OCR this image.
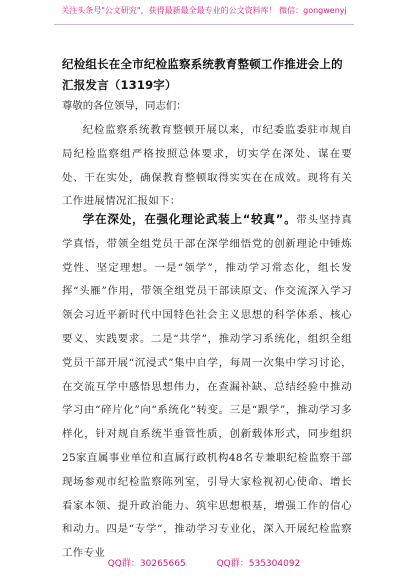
关注头条号"公文研究"，获得最新最全最专业的公文资料库！ 微信：gongwenyj
纪检组长在全市纪检监察系统教育整顿工作推进会上的汇报发言（1319字）
尊敬的各位领导，同志们：

纪检监察系统教育整顿开展以来，市纪委监委驻市规自局纪检监察组严格按照总体要求，切实学在深处、谋在要处、干在实处，确保教育整顿取得实实在在成效。现将有关工作进展情况汇报如下：

学在深处，在强化理论武装上“较真”。带头坚持真学真悟，带领全组党员干部在深学细悟党的创新理论中锤炼党性、坚定理想。一是“领学”，推动学习常态化，组长发挥“头雁”作用，带领全组党员干部读原文、作交流深入学习领会习近平新时代中国特色社会主义思想的科学体系、核心要义、实践要求。二是“共学”，推动学习系统化，组织全组党员干部开展“沉浸式”集中自学，每周一次集中学习讨论，在交流互学中感悟思想伟力，在查漏补缺、总结经验中推动学习由“碎片化”向“系统化”转变。三是“跟学”，推动学习多样化，针对规自系统半垂管性质，创新载体形式，同步组织25家直属事业单位和直属行政机构48名专兼职纪检监察干部现场参观市纪检监察陈列室，引导大家检视初心使命、增长看家本领、提升政治能力、筑牢思想根基，增强工作的信心和动力。四是“专学”，推动学习专业化，深入开展纪检监察工作专业

QQ群：30265665	QQ群：535304092
